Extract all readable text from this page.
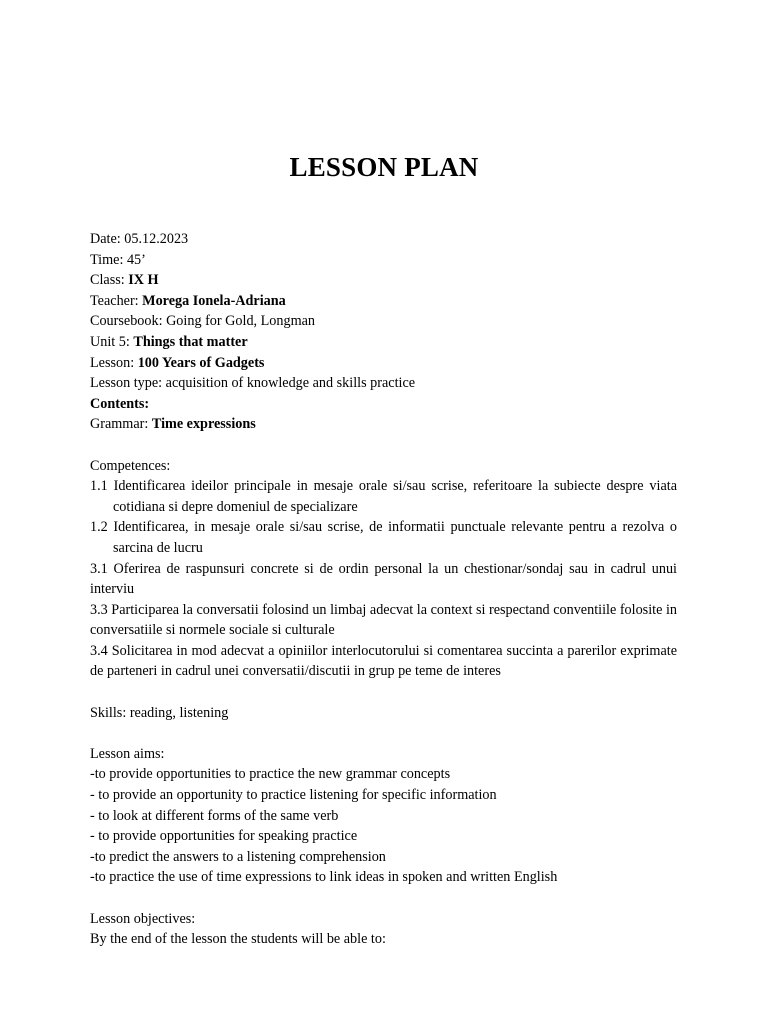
LESSON PLAN
Date: 05.12.2023
Time: 45’
Class: IX H
Teacher: Morega Ionela-Adriana
Coursebook: Going for Gold, Longman
Unit 5: Things that matter
Lesson: 100 Years of Gadgets
Lesson type: acquisition of knowledge and skills practice
Contents:
Grammar: Time expressions
Competences:
1.1 Identificarea ideilor principale in mesaje orale si/sau scrise, referitoare la subiecte despre viata cotidiana si depre domeniul de specializare
1.2 Identificarea, in mesaje orale si/sau scrise, de informatii punctuale relevante pentru a rezolva o sarcina de lucru
3.1 Oferirea de raspunsuri concrete si de ordin personal la un chestionar/sondaj sau in cadrul unui interviu
3.3 Participarea la conversatii folosind un limbaj adecvat la context si respectand conventiile folosite in conversatiile si normele sociale si culturale
3.4 Solicitarea in mod adecvat a opiniilor interlocutorului si comentarea succinta a parerilor exprimate de parteneri in cadrul unei conversatii/discutii in grup pe teme de interes
Skills: reading, listening
Lesson aims:
-to provide opportunities to practice the new grammar concepts
- to provide an opportunity to practice listening for specific information
- to look at different forms of the same verb
- to provide opportunities for speaking practice
-to predict the answers to a listening comprehension
-to practice the use of time expressions to link ideas in spoken and written English
Lesson objectives:
By the end of the lesson the students will be able to:
